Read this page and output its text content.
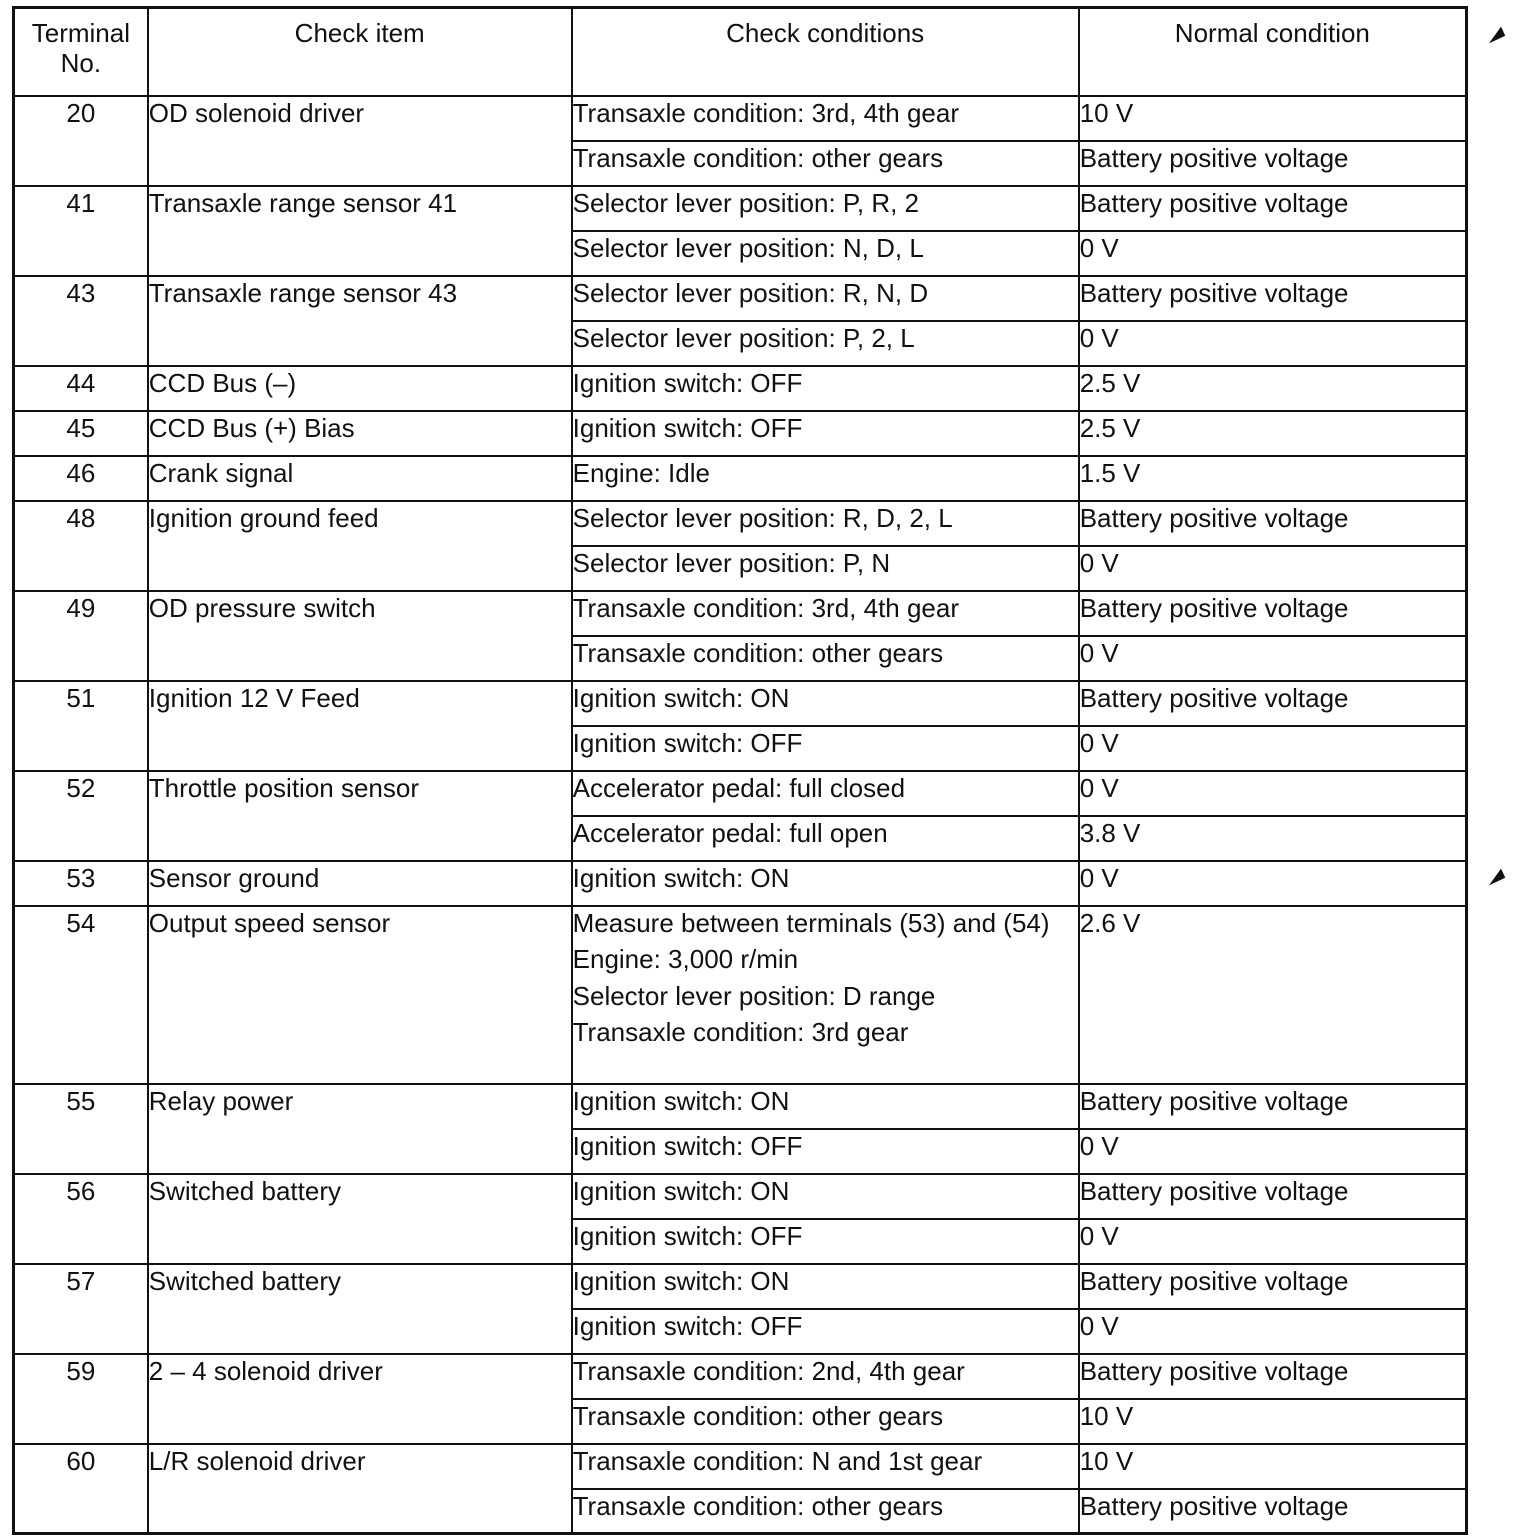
Terminal
No.	Check item	Check conditions	Normal condition
20	OD solenoid driver	Transaxle condition: 3rd, 4th gear	10 V
		Transaxle condition: other gears	Battery positive voltage
41	Transaxle range sensor 41	Selector lever position: P, R, 2	Battery positive voltage
		Selector lever position: N, D, L	0 V
43	Transaxle range sensor 43	Selector lever position: R, N, D	Battery positive voltage
		Selector lever position: P, 2, L	0 V
44	CCD Bus (–)	Ignition switch: OFF	2.5 V
45	CCD Bus (+) Bias	Ignition switch: OFF	2.5 V
46	Crank signal	Engine: Idle	1.5 V
48	Ignition ground feed	Selector lever position: R, D, 2, L	Battery positive voltage
		Selector lever position: P, N	0 V
49	OD pressure switch	Transaxle condition: 3rd, 4th gear	Battery positive voltage
		Transaxle condition: other gears	0 V
51	Ignition 12 V Feed	Ignition switch: ON	Battery positive voltage
		Ignition switch: OFF	0 V
52	Throttle position sensor	Accelerator pedal: full closed	0 V
		Accelerator pedal: full open	3.8 V
53	Sensor ground	Ignition switch: ON	0 V
54	Output speed sensor	Measure between terminals (53) and (54)
Engine: 3,000 r/min
Selector lever position: D range
Transaxle condition: 3rd gear	2.6 V
55	Relay power	Ignition switch: ON	Battery positive voltage
		Ignition switch: OFF	0 V
56	Switched battery	Ignition switch: ON	Battery positive voltage
		Ignition switch: OFF	0 V
57	Switched battery	Ignition switch: ON	Battery positive voltage
		Ignition switch: OFF	0 V
59	2 – 4 solenoid driver	Transaxle condition: 2nd, 4th gear	Battery positive voltage
		Transaxle condition: other gears	10 V
60	L/R solenoid driver	Transaxle condition: N and 1st gear	10 V
		Transaxle condition: other gears	Battery positive voltage
